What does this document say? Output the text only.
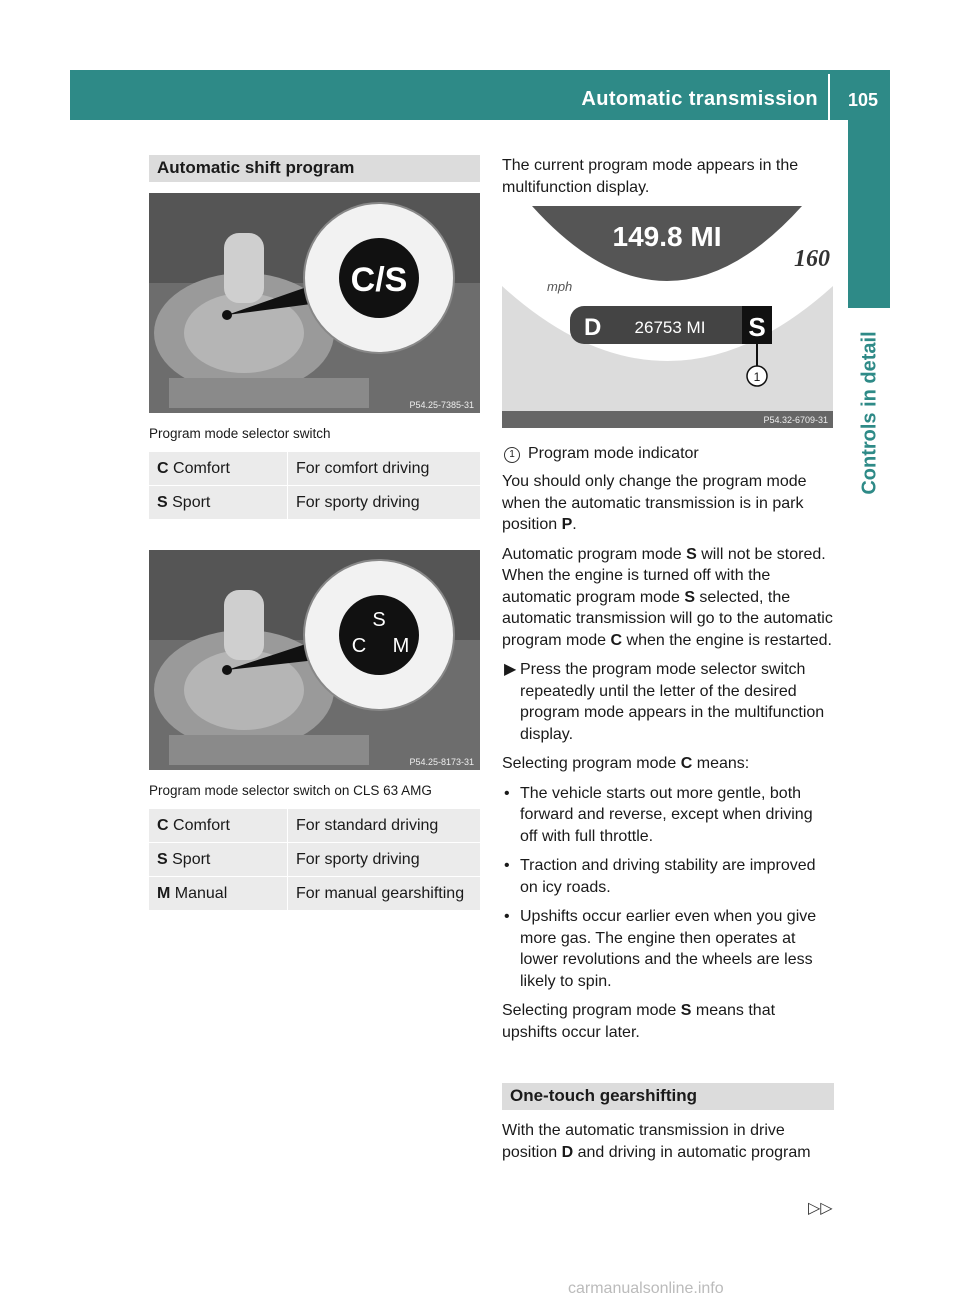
Automatic transmission 105
Controls in detail
Automatic shift program
C/S
P54.25-7385-31
Program mode selector switch
C Comfort	For comfort driving
S Sport	For sporty driving
S
C M
P54.25-8173-31
Program mode selector switch on CLS 63 AMG
C Comfort	For standard driving
S Sport	For sporty driving
M Manual	For manual gearshifting

The current program mode appears in the multifunction display.

149.8 MI
160
mph
D 26753 MI S
1
P54.32-6709-31
1 Program mode indicator

You should only change the program mode when the automatic transmission is in park position P.

Automatic program mode S will not be stored. When the engine is turned off with the automatic program mode S selected, the automatic transmission will go to the automatic program mode C when the engine is restarted.

▶ Press the program mode selector switch repeatedly until the letter of the desired program mode appears in the multifunction display.

Selecting program mode C means:

• The vehicle starts out more gentle, both forward and reverse, except when driving off with full throttle.
• Traction and driving stability are improved on icy roads.
• Upshifts occur earlier even when you give more gas. The engine then operates at lower revolutions and the wheels are less likely to spin.

Selecting program mode S means that upshifts occur later.

One-touch gearshifting

With the automatic transmission in drive position D and driving in automatic program

▷▷
carmanualsonline.info
